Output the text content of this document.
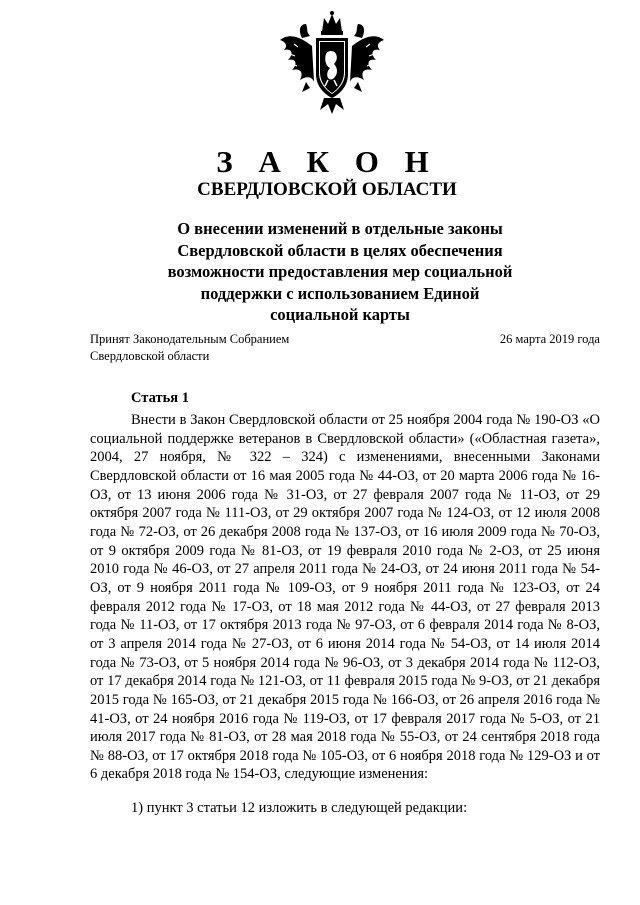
З А К О Н
СВЕРДЛОВСКОЙ ОБЛАСТИ
О внесении изменений в отдельные законы
Свердловской области в целях обеспечения
возможности предоставления мер социальной
поддержки с использованием Единой
социальной карты
Принят Законодательным Собранием
Свердловской области
26 марта 2019 года
Статья 1

Внести в Закон Свердловской области от 25 ноября 2004 года № 190-ОЗ «О социальной поддержке ветеранов в Свердловской области» («Областная газета», 2004, 27 ноября, № 322 – 324) с изменениями, внесенными Законами Свердловской области от 16 мая 2005 года № 44-ОЗ, от 20 марта 2006 года № 16-ОЗ, от 13 июня 2006 года № 31-ОЗ, от 27 февраля 2007 года № 11-ОЗ, от 29 октября 2007 года № 111-ОЗ, от 29 октября 2007 года № 124-ОЗ, от 12 июля 2008 года № 72-ОЗ, от 26 декабря 2008 года № 137-ОЗ, от 16 июля 2009 года № 70-ОЗ, от 9 октября 2009 года № 81-ОЗ, от 19 февраля 2010 года № 2-ОЗ, от 25 июня 2010 года № 46-ОЗ, от 27 апреля 2011 года № 24-ОЗ, от 24 июня 2011 года № 54-ОЗ, от 9 ноября 2011 года № 109-ОЗ, от 9 ноября 2011 года № 123-ОЗ, от 24 февраля 2012 года № 17-ОЗ, от 18 мая 2012 года № 44-ОЗ, от 27 февраля 2013 года № 11-ОЗ, от 17 октября 2013 года № 97-ОЗ, от 6 февраля 2014 года № 8-ОЗ, от 3 апреля 2014 года № 27-ОЗ, от 6 июня 2014 года № 54-ОЗ, от 14 июля 2014 года № 73-ОЗ, от 5 ноября 2014 года № 96-ОЗ, от 3 декабря 2014 года № 112-ОЗ, от 17 декабря 2014 года № 121-ОЗ, от 11 февраля 2015 года № 9-ОЗ, от 21 декабря 2015 года № 165-ОЗ, от 21 декабря 2015 года № 166-ОЗ, от 26 апреля 2016 года № 41-ОЗ, от 24 ноября 2016 года № 119-ОЗ, от 17 февраля 2017 года № 5-ОЗ, от 21 июля 2017 года № 81-ОЗ, от 28 мая 2018 года № 55-ОЗ, от 24 сентября 2018 года № 88-ОЗ, от 17 октября 2018 года № 105-ОЗ, от 6 ноября 2018 года № 129-ОЗ и от 6 декабря 2018 года № 154-ОЗ, следующие изменения:

1) пункт 3 статьи 12 изложить в следующей редакции:
